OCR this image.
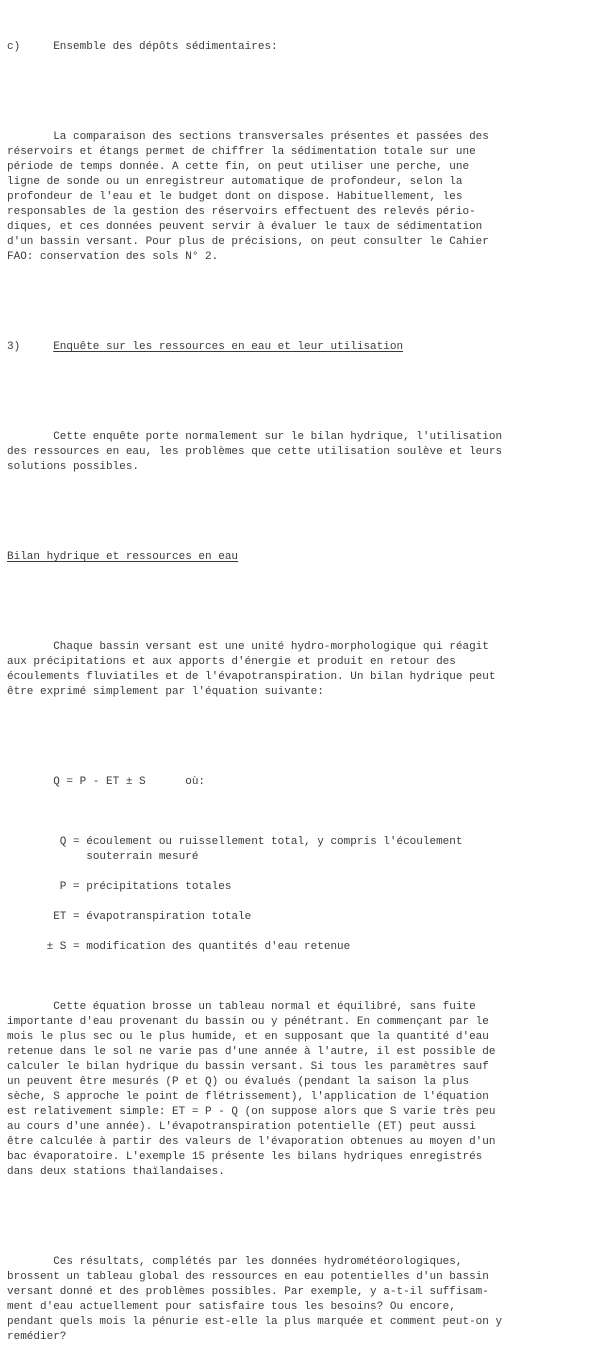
c)	Ensemble des dépôts sédimentaires:

La comparaison des sections transversales présentes et passées des
réservoirs et étangs permet de chiffrer la sédimentation totale sur une
période de temps donnée. A cette fin, on peut utiliser une perche, une
ligne de sonde ou un enregistreur automatique de profondeur, selon la
profondeur de l'eau et le budget dont on dispose. Habituellement, les
responsables de la gestion des réservoirs effectuent des relevés pério-
diques, et ces données peuvent servir à évaluer le taux de sédimentation
d'un bassin versant. Pour plus de précisions, on peut consulter le Cahier
FAO: conservation des sols N° 2.

3)	Enquête sur les ressources en eau et leur utilisation

Cette enquête porte normalement sur le bilan hydrique, l'utilisation
des ressources en eau, les problèmes que cette utilisation soulève et leurs
solutions possibles.

Bilan hydrique et ressources en eau

Chaque bassin versant est une unité hydro-morphologique qui réagit
aux précipitations et aux apports d'énergie et produit en retour des
écoulements fluviatiles et de l'évapotranspiration. Un bilan hydrique peut
être exprimé simplement par l'équation suivante:

Q = P - ET ± S	où:

Q = écoulement ou ruissellement total, y compris l'écoulement
souterrain mesuré
P = précipitations totales
ET = évapotranspiration totale
± S = modification des quantités d'eau retenue

Cette équation brosse un tableau normal et équilibré, sans fuite
importante d'eau provenant du bassin ou y pénétrant. En commençant par le
mois le plus sec ou le plus humide, et en supposant que la quantité d'eau
retenue dans le sol ne varie pas d'une année à l'autre, il est possible de
calculer le bilan hydrique du bassin versant. Si tous les paramètres sauf
un peuvent être mesurés (P et Q) ou évalués (pendant la saison la plus
sèche, S approche le point de flétrissement), l'application de l'équation
est relativement simple: ET = P - Q (on suppose alors que S varie très peu
au cours d'une année). L'évapotranspiration potentielle (ET) peut aussi
être calculée à partir des valeurs de l'évaporation obtenues au moyen d'un
bac évaporatoire. L'exemple 15 présente les bilans hydriques enregistrés
dans deux stations thaïlandaises.

Ces résultats, complétés par les données hydrométéorologiques,
brossent un tableau global des ressources en eau potentielles d'un bassin
versant donné et des problèmes possibles. Par exemple, y a-t-il suffisam-
ment d'eau actuellement pour satisfaire tous les besoins? Ou encore,
pendant quels mois la pénurie est-elle la plus marquée et comment peut-on y
remédier?
